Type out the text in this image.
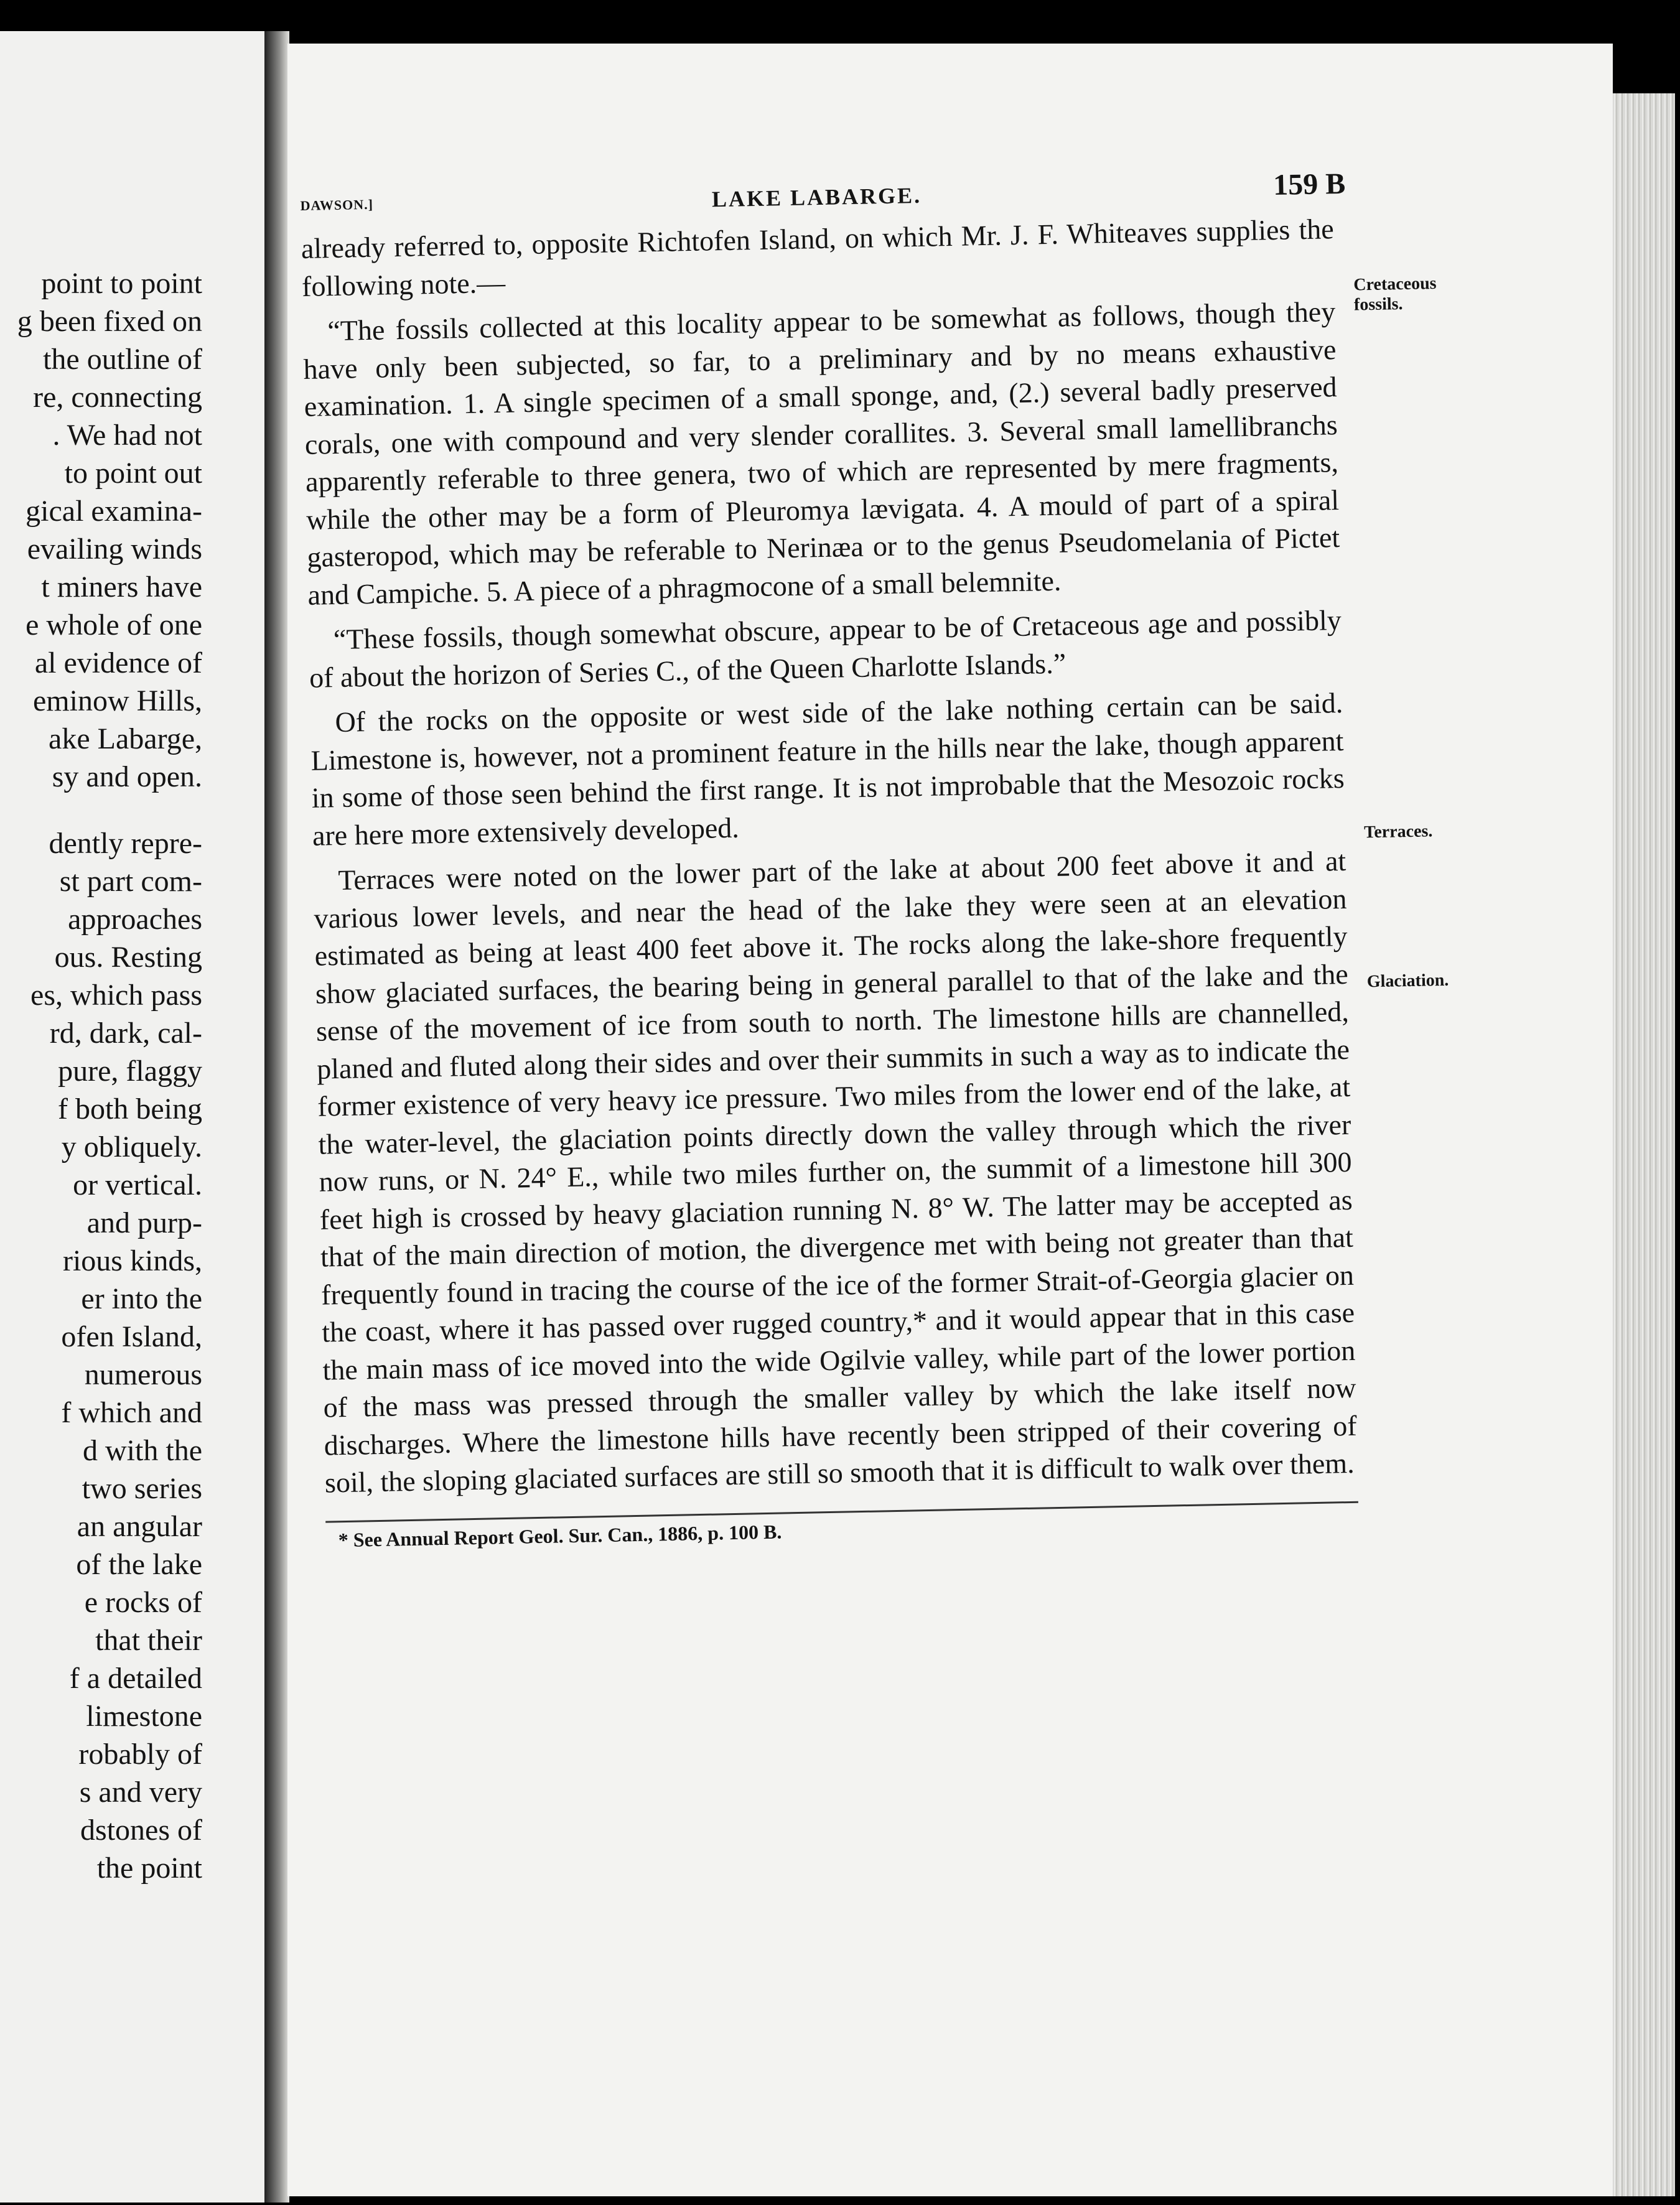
point to point
g been fixed on
the outline of
re, connecting
. We had not
to point out
gical examina-
evailing winds
t miners have
e whole of one
al evidence of
eminow Hills,
ake Labarge,
sy and open.
dently repre-
st part com-
approaches
ous. Resting
es, which pass
rd, dark, cal-
pure, flaggy
f both being
y obliquely.
or vertical.
and purp-
rious kinds,
er into the
ofen Island,
numerous
f which and
d with the
two series
an angular
of the lake
e rocks of
that their
f a detailed
limestone
robably of
s and very
dstones of
the point
DAWSON.]	LAKE LABARGE.	159 B

already referred to, opposite Richtofen Island, on which Mr. J. F. Whiteaves supplies the following note.—

“The fossils collected at this locality appear to be somewhat as follows, though they have only been subjected, so far, to a preliminary and by no means exhaustive examination. 1. A single specimen of a small sponge, and, (2.) several badly preserved corals, one with compound and very slender corallites. 3. Several small lamellibranchs apparently referable to three genera, two of which are represented by mere fragments, while the other may be a form of Pleuromya lævigata. 4. A mould of part of a spiral gasteropod, which may be referable to Nerinæa or to the genus Pseudomelania of Pictet and Campiche. 5. A piece of a phragmocone of a small belemnite.

“These fossils, though somewhat obscure, appear to be of Cretaceous age and possibly of about the horizon of Series C., of the Queen Charlotte Islands.”

Of the rocks on the opposite or west side of the lake nothing certain can be said. Limestone is, however, not a prominent feature in the hills near the lake, though apparent in some of those seen behind the first range. It is not improbable that the Mesozoic rocks are here more extensively developed.

Terraces were noted on the lower part of the lake at about 200 feet above it and at various lower levels, and near the head of the lake they were seen at an elevation estimated as being at least 400 feet above it. The rocks along the lake-shore frequently show glaciated surfaces, the bearing being in general parallel to that of the lake and the sense of the movement of ice from south to north. The limestone hills are channelled, planed and fluted along their sides and over their summits in such a way as to indicate the former existence of very heavy ice pressure. Two miles from the lower end of the lake, at the water-level, the glaciation points directly down the valley through which the river now runs, or N. 24° E., while two miles further on, the summit of a limestone hill 300 feet high is crossed by heavy glaciation running N. 8° W. The latter may be accepted as that of the main direction of motion, the divergence met with being not greater than that frequently found in tracing the course of the ice of the former Strait-of-Georgia glacier on the coast, where it has passed over rugged country,* and it would appear that in this case the main mass of ice moved into the wide Ogilvie valley, while part of the lower portion of the mass was pressed through the smaller valley by which the lake itself now discharges. Where the limestone hills have recently been stripped of their covering of soil, the sloping glaciated surfaces are still so smooth that it is difficult to walk over them.

* See Annual Report Geol. Sur. Can., 1886, p. 100 B.
Cretaceous
fossils.
Terraces.
Glaciation.
